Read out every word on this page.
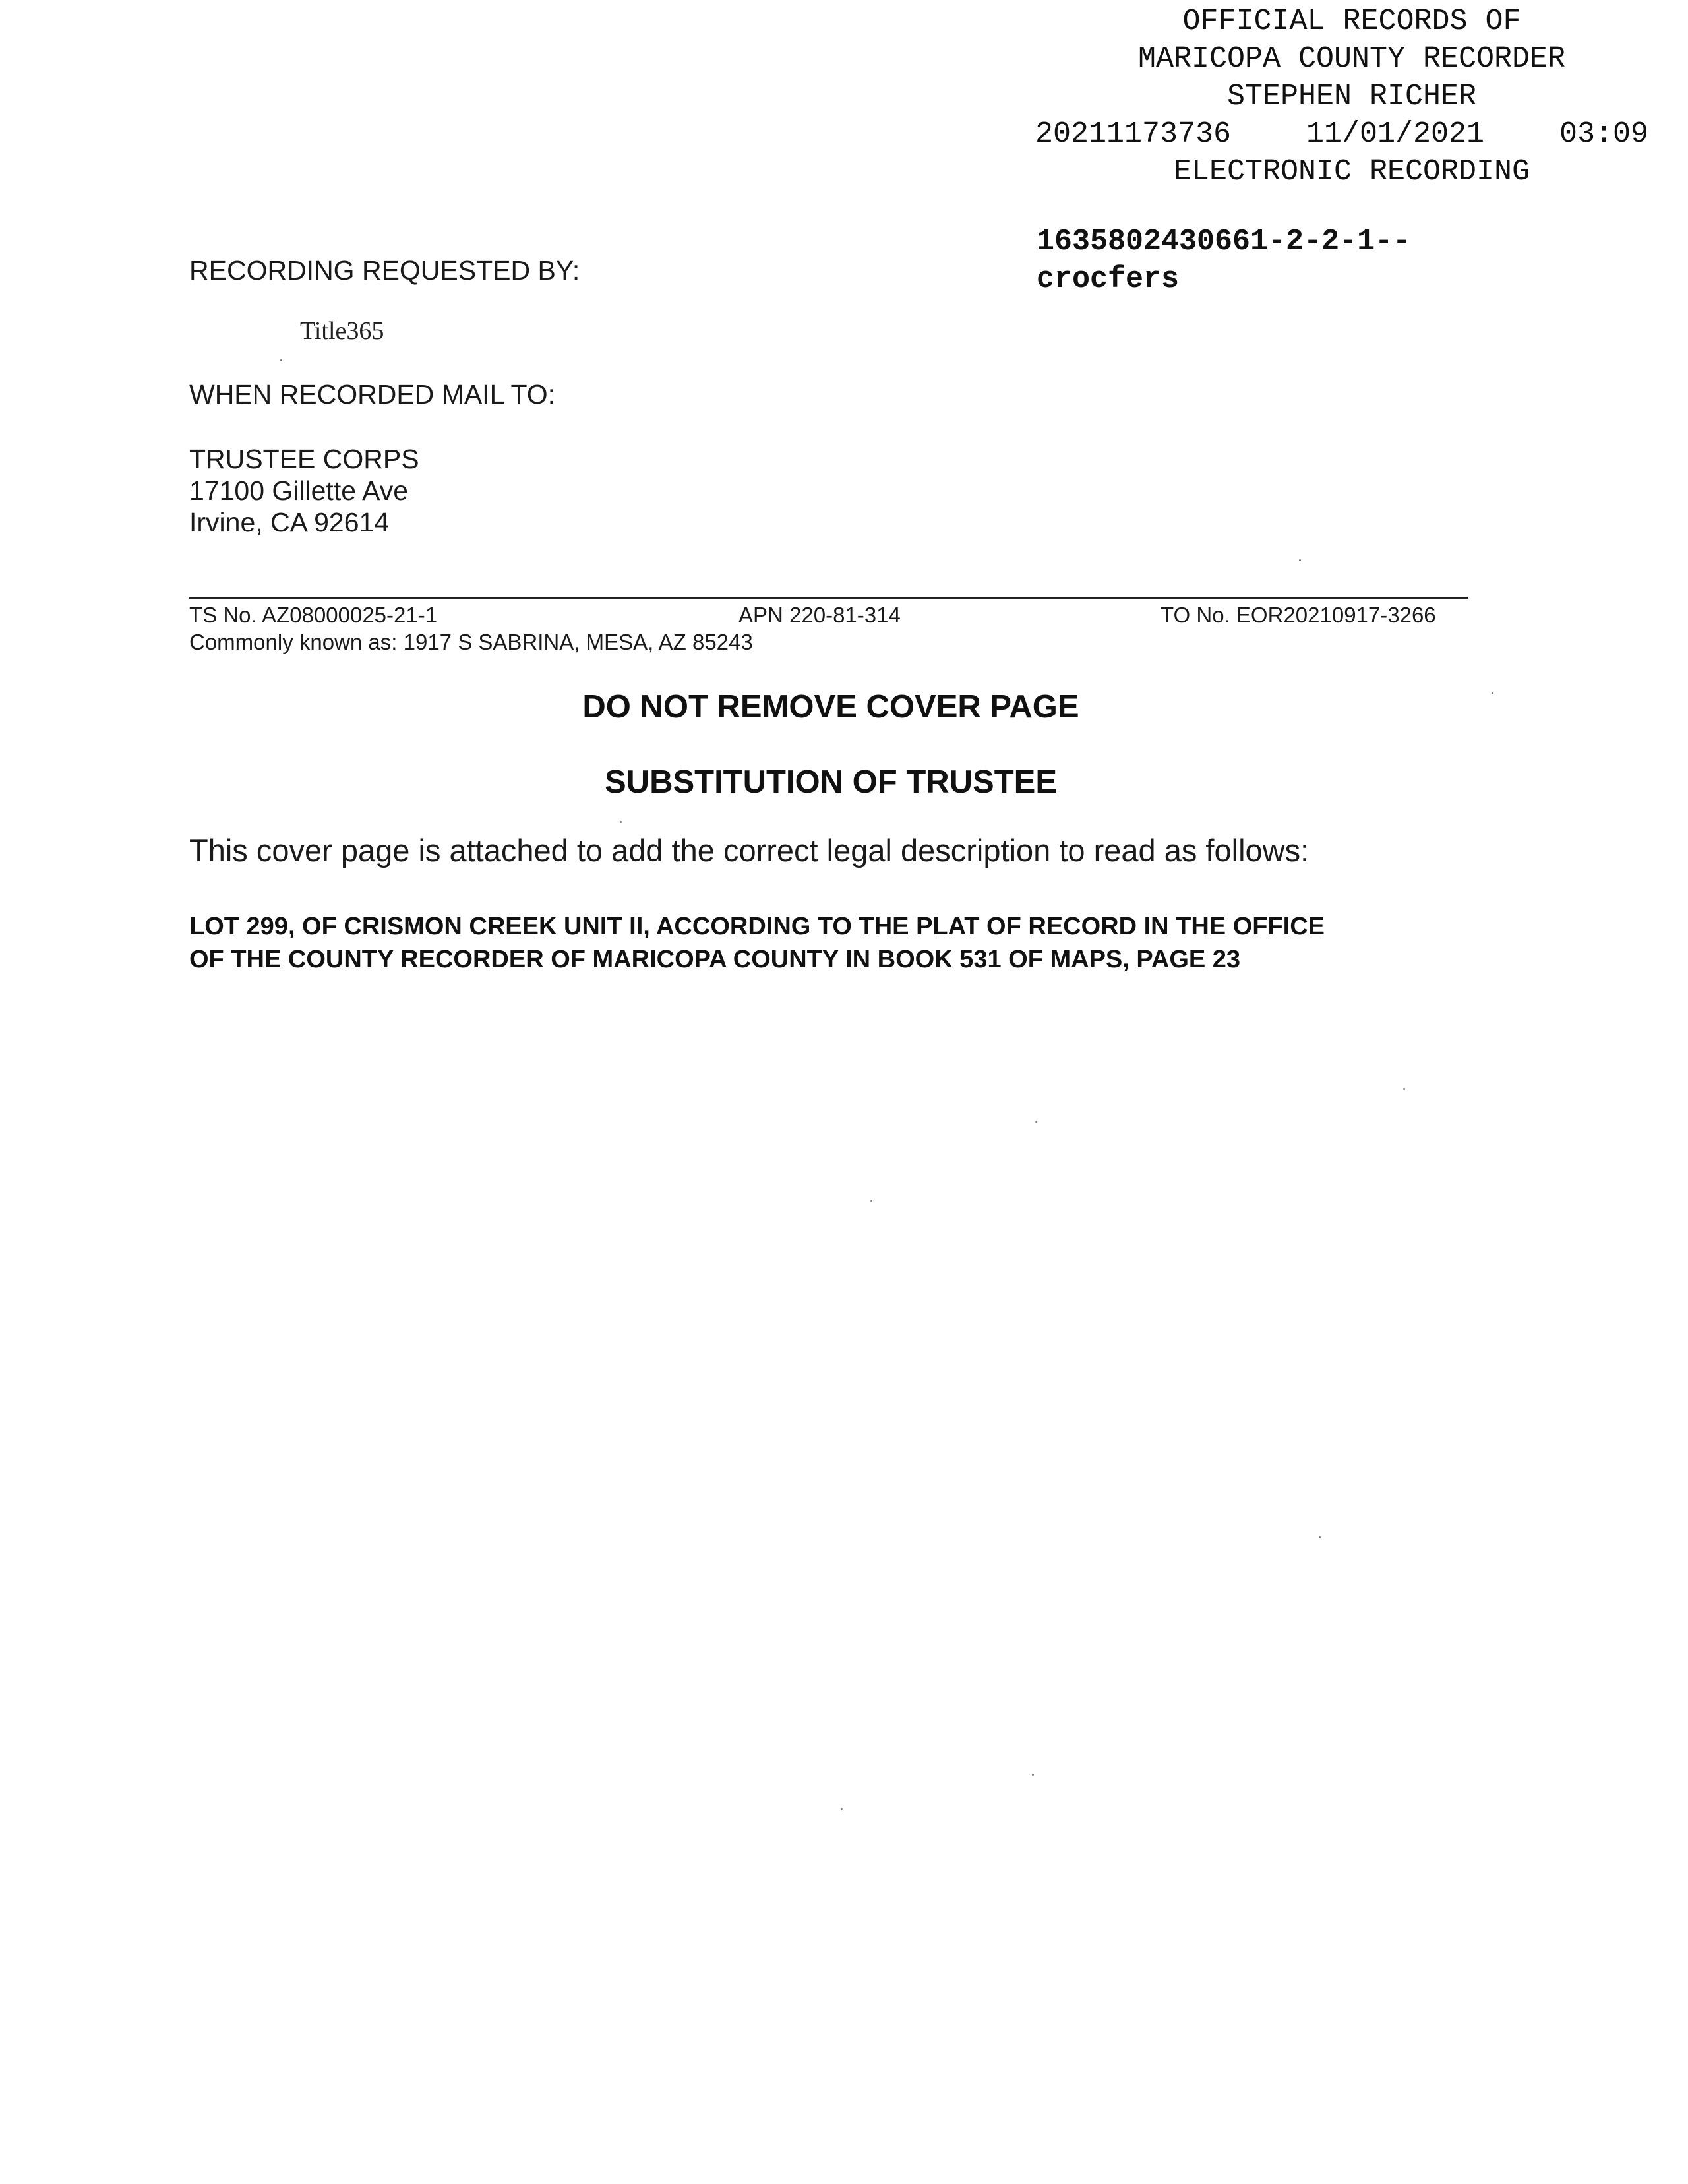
OFFICIAL RECORDS OF
MARICOPA COUNTY RECORDER
STEPHEN RICHER
20211173736	11/01/2021	03:09
ELECTRONIC RECORDING
1635802430661-2-2-1--
crocfers
RECORDING REQUESTED BY:
Title365
WHEN RECORDED MAIL TO:
TRUSTEE CORPS
17100 Gillette Ave
Irvine, CA 92614
TS No. AZ08000025-21-1	APN 220-81-314	TO No. EOR20210917-3266
Commonly known as: 1917 S SABRINA, MESA, AZ 85243
DO NOT REMOVE COVER PAGE
SUBSTITUTION OF TRUSTEE
This cover page is attached to add the correct legal description to read as follows:
LOT 299, OF CRISMON CREEK UNIT II, ACCORDING TO THE PLAT OF RECORD IN THE OFFICE
OF THE COUNTY RECORDER OF MARICOPA COUNTY IN BOOK 531 OF MAPS, PAGE 23
